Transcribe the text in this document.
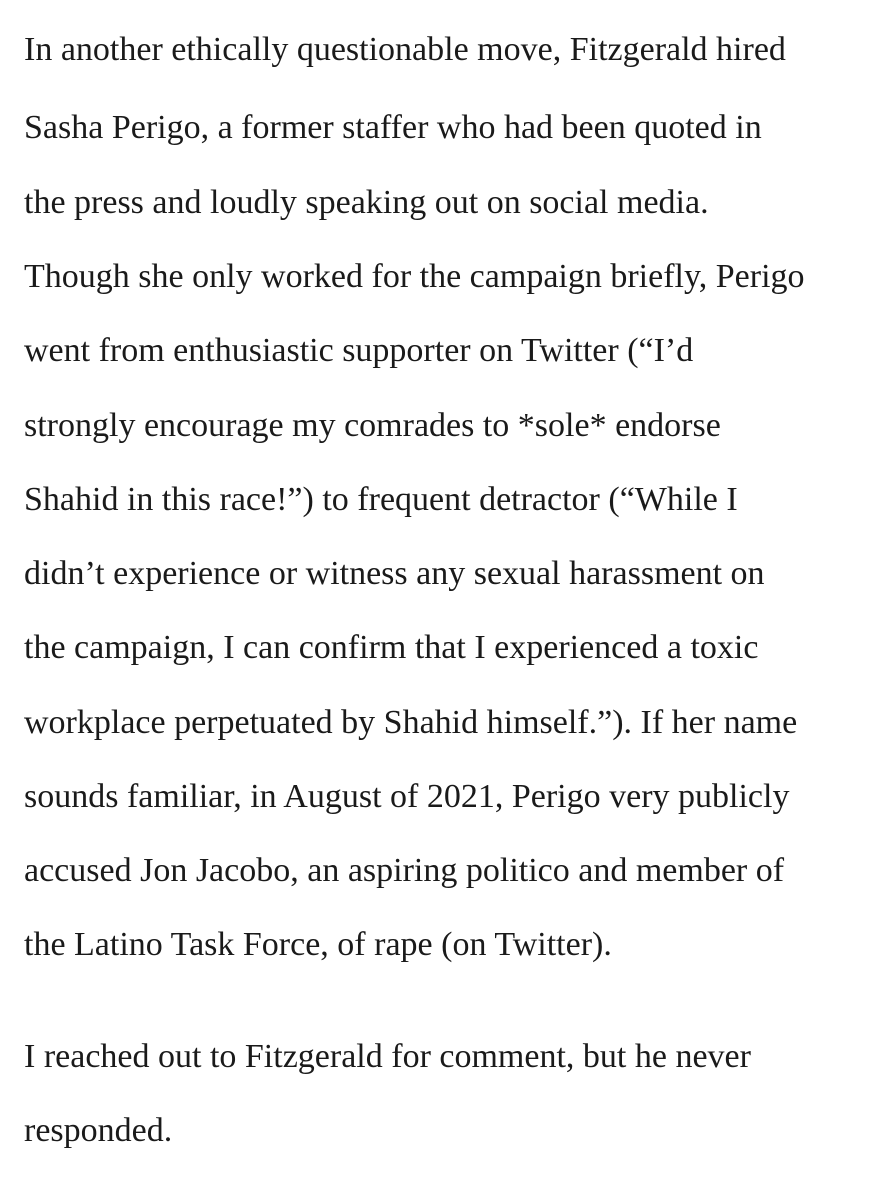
In another ethically questionable move, Fitzgerald hired

Sasha Perigo, a former staffer who had been quoted in

the press and loudly speaking out on social media.

Though she only worked for the campaign briefly, Perigo

went from enthusiastic supporter on Twitter (“I’d

strongly encourage my comrades to *sole* endorse

Shahid in this race!”) to frequent detractor (“While I

didn’t experience or witness any sexual harassment on

the campaign, I can confirm that I experienced a toxic

workplace perpetuated by Shahid himself.”). If her name

sounds familiar, in August of 2021, Perigo very publicly

accused Jon Jacobo, an aspiring politico and member of

the Latino Task Force, of rape (on Twitter).

I reached out to Fitzgerald for comment, but he never

responded.
